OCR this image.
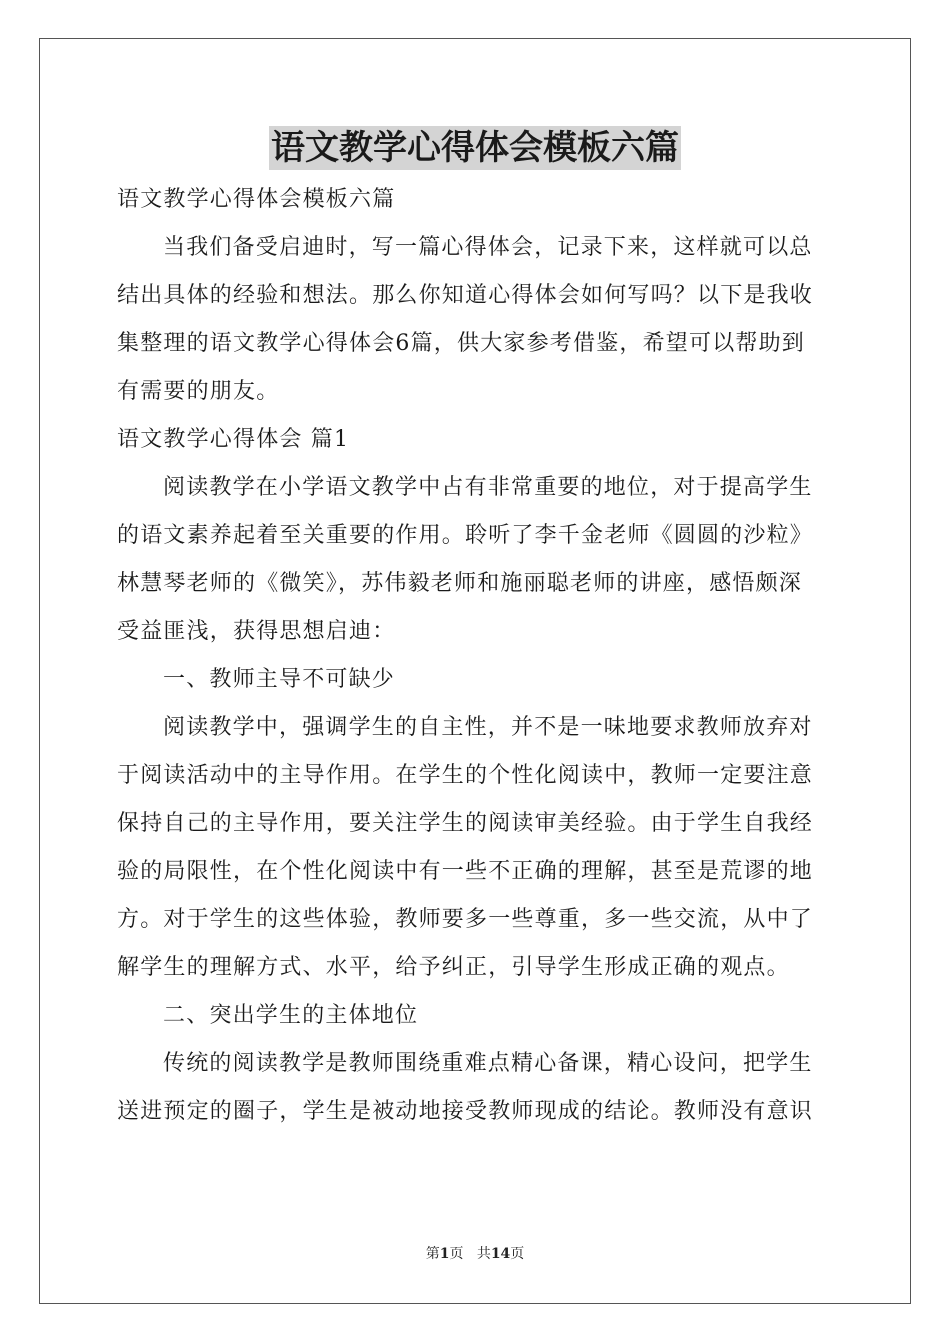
语文教学心得体会模板六篇
语文教学心得体会模板六篇
当我们备受启迪时，写一篇心得体会，记录下来，这样就可以总
结出具体的经验和想法。那么你知道心得体会如何写吗？以下是我收
集整理的语文教学心得体会6篇，供大家参考借鉴，希望可以帮助到
有需要的朋友。
语文教学心得体会 篇1
阅读教学在小学语文教学中占有非常重要的地位，对于提高学生
的语文素养起着至关重要的作用。聆听了李千金老师《圆圆的沙粒》
林慧琴老师的《微笑》，苏伟毅老师和施丽聪老师的讲座，感悟颇深
受益匪浅，获得思想启迪：
一、教师主导不可缺少
阅读教学中，强调学生的自主性，并不是一味地要求教师放弃对
于阅读活动中的主导作用。在学生的个性化阅读中，教师一定要注意
保持自己的主导作用，要关注学生的阅读审美经验。由于学生自我经
验的局限性，在个性化阅读中有一些不正确的理解，甚至是荒谬的地
方。对于学生的这些体验，教师要多一些尊重，多一些交流，从中了
解学生的理解方式、水平，给予纠正，引导学生形成正确的观点。
二、突出学生的主体地位
传统的阅读教学是教师围绕重难点精心备课，精心设问，把学生
送进预定的圈子，学生是被动地接受教师现成的结论。教师没有意识
第1页 共14页
